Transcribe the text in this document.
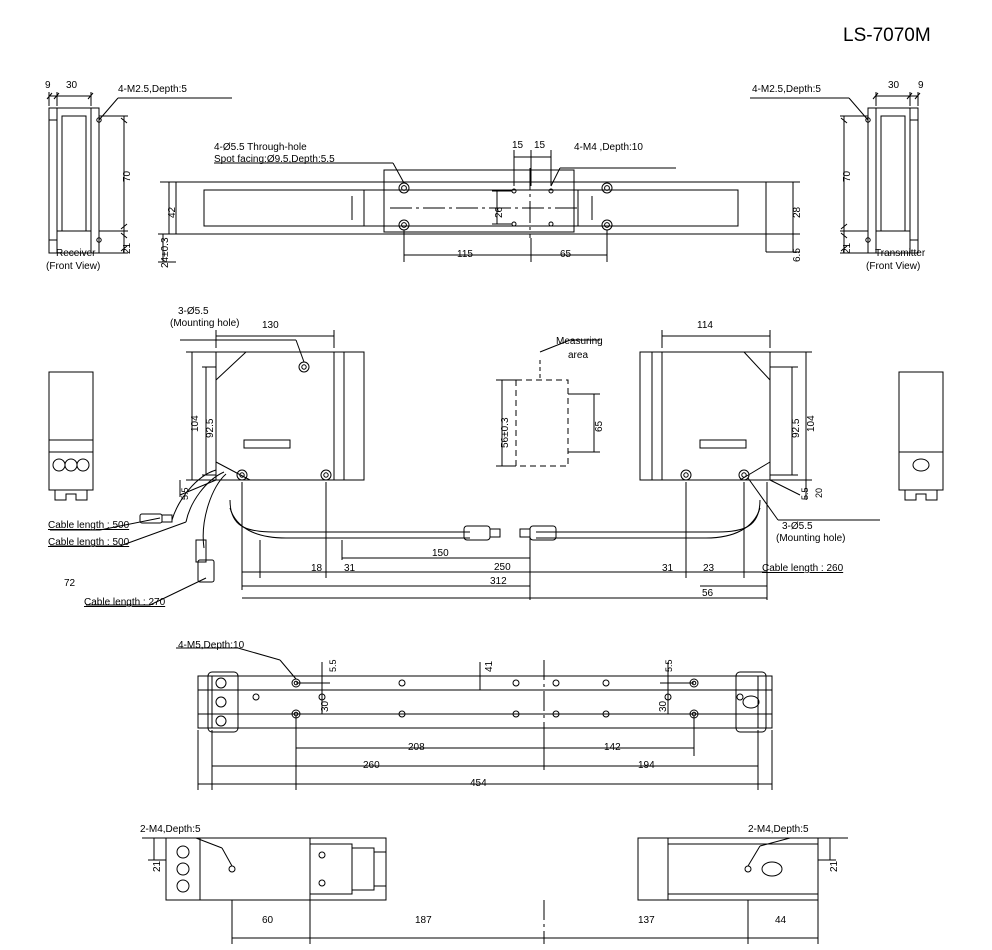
LS-7070M
9 30	4-M2.5,Depth:5
70
21
Receiver
(Front View)
4-M2.5,Depth:5	30 9
70
21 Transmitter
(Front View)
4-Ø5.5 Through-hole
Spot facing:Ø9.5,Depth:5.5
15 15	4-M4 ,Depth:10
42
24±0.3
26
115	65
28
6.5
3-Ø5.5
(Mounting hole) 130
104 92.5
5.5
Measuring
area
65
56±0.3
114
92.5 104
5.5 20
Cable length : 500
Cable length : 500
Cable length : 270
3-Ø5.5
(Mounting hole)
Cable length : 260
18 31
150
250	31	23
72	312
56
4-M5,Depth:10
5.5
30
41	5.5
30
208	142
260	194
454
2-M4,Depth:5	2-M4,Depth:5
21	21
60	187	137	44
